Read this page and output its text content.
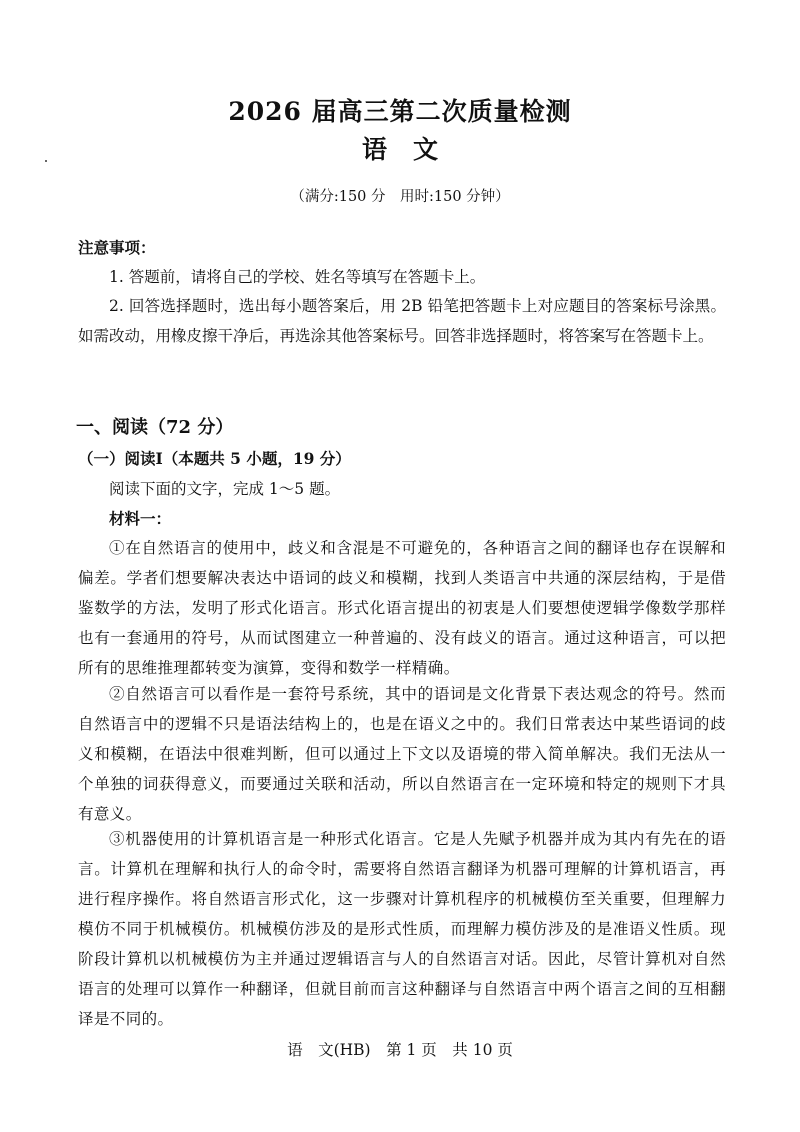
2026 届高三第二次质量检测
语文
（满分:150 分　用时:150 分钟）
注意事项：

1. 答题前，请将自己的学校、姓名等填写在答题卡上。

2. 回答选择题时，选出每小题答案后，用 2B 铅笔把答题卡上对应题目的答案标号涂黑。如需改动，用橡皮擦干净后，再选涂其他答案标号。回答非选择题时，将答案写在答题卡上。

一、阅读（72 分）
（一）阅读Ⅰ（本题共 5 小题，19 分）
阅读下面的文字，完成 1～5 题。
材料一：

①在自然语言的使用中，歧义和含混是不可避免的，各种语言之间的翻译也存在误解和偏差。学者们想要解决表达中语词的歧义和模糊，找到人类语言中共通的深层结构，于是借鉴数学的方法，发明了形式化语言。形式化语言提出的初衷是人们要想使逻辑学像数学那样也有一套通用的符号，从而试图建立一种普遍的、没有歧义的语言。通过这种语言，可以把所有的思维推理都转变为演算，变得和数学一样精确。

②自然语言可以看作是一套符号系统，其中的语词是文化背景下表达观念的符号。然而自然语言中的逻辑不只是语法结构上的，也是在语义之中的。我们日常表达中某些语词的歧义和模糊，在语法中很难判断，但可以通过上下文以及语境的带入简单解决。我们无法从一个单独的词获得意义，而要通过关联和活动，所以自然语言在一定环境和特定的规则下才具有意义。

③机器使用的计算机语言是一种形式化语言。它是人先赋予机器并成为其内有先在的语言。计算机在理解和执行人的命令时，需要将自然语言翻译为机器可理解的计算机语言，再进行程序操作。将自然语言形式化，这一步骤对计算机程序的机械模仿至关重要，但理解力模仿不同于机械模仿。机械模仿涉及的是形式性质，而理解力模仿涉及的是准语义性质。现阶段计算机以机械模仿为主并通过逻辑语言与人的自然语言对话。因此，尽管计算机对自然语言的处理可以算作一种翻译，但就目前而言这种翻译与自然语言中两个语言之间的互相翻译是不同的。

语　文(HB)　第 1 页　共 10 页
